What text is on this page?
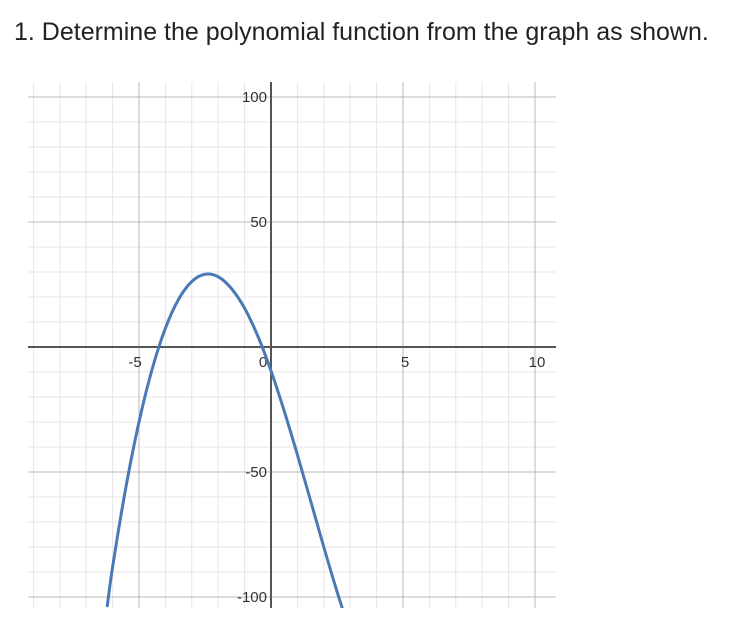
1. Determine the polynomial function from the graph as shown.
-5	0	5	10
-100
-50
50
100
